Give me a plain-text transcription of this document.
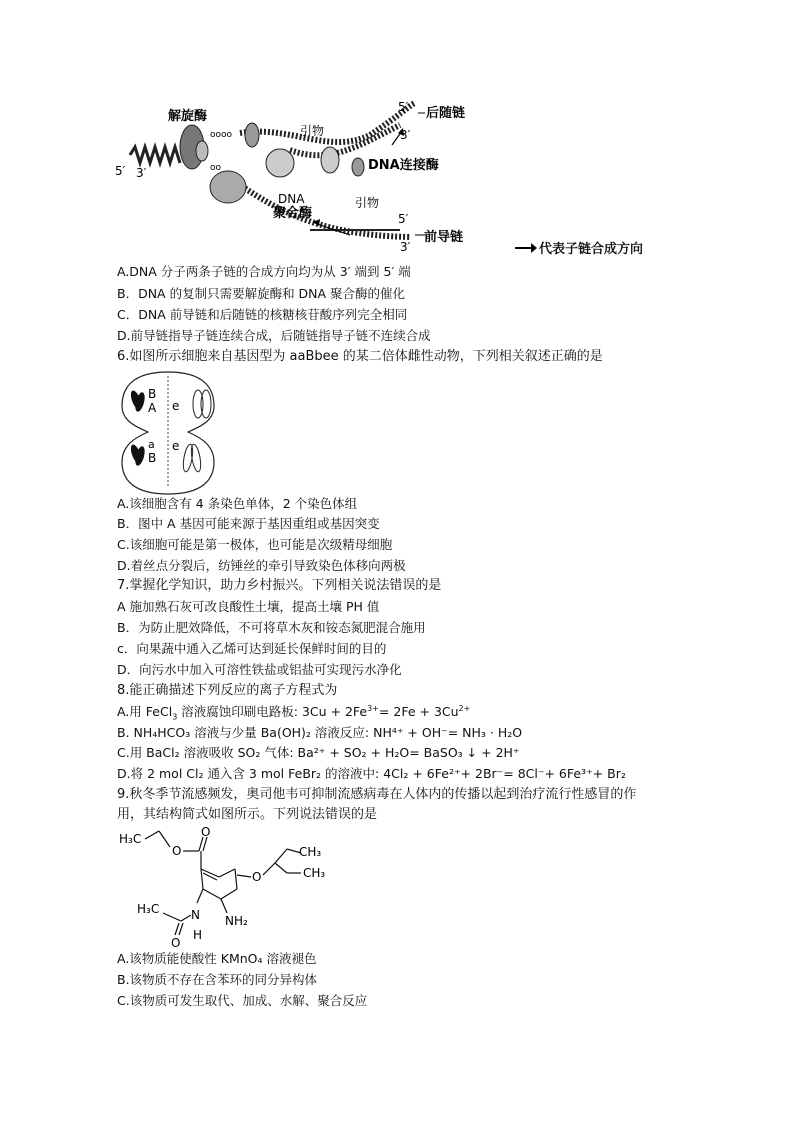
oooo
oo
解旋酶
引物
后随链
DNA连接酶
DNA
聚合酶
引物
前导链
5′ 3′
5′
3′
5′
3′	代表子链合成方向
A.DNA 分子两条子链的合成方向均为从 3′ 端到 5′ 端
B．DNA 的复制只需要解旋酶和 DNA 聚合酶的催化
C．DNA 前导链和后随链的核糖核苷酸序列完全相同
D.前导链指导子链连续合成，后随链指导子链不连续合成
6.如图所示细胞来自基因型为 aaBbee 的某二倍体雌性动物，下列相关叙述正确的是
B
A e
a
B
e
A.该细胞含有 4 条染色单体，2 个染色体组
B．图中 A 基因可能来源于基因重组或基因突变
C.该细胞可能是第一极体，也可能是次级精母细胞
D.着丝点分裂后，纺锤丝的牵引导致染色体移向两极
7.掌握化学知识，助力乡村振兴。下列相关说法错误的是
A 施加熟石灰可改良酸性土壤，提高土壤 PH 值
B．为防止肥效降低，不可将草木灰和铵态氮肥混合施用
c．向果蔬中通入乙烯可达到延长保鲜时间的目的
D．向污水中加入可溶性铁盐或铝盐可实现污水净化
8.能正确描述下列反应的离子方程式为
A.用 FeCl$_3$ 溶液腐蚀印刷电路板: $3Cu + 2Fe^{3+}= 2Fe + 3Cu^{2+}$
B. NH₄HCO₃ 溶液与少量 Ba(OH)₂ 溶液反应: NH⁴⁺ + OH⁻= NH₃ · H₂O
C.用 BaCl₂ 溶液吸收 SO₂ 气体: Ba²⁺ + SO₂ + H₂O= BaSO₃ ↓ + 2H⁺
D.将 2 mol Cl₂ 通入含 3 mol FeBr₂ 的溶液中: 4Cl₂ + 6Fe²⁺+ 2Br⁻= 8Cl⁻+ 6Fe³⁺+ Br₂
9.秋冬季节流感频发，奥司他韦可抑制流感病毒在人体内的传播以起到治疗流行性感冒的作
用，其结构简式如图所示。下列说法错误的是
H₃C
O
O
O
CH₃
CH₃
H₃C	N
H
O
NH₂
A.该物质能使酸性 KMnO₄ 溶液褪色
B.该物质不存在含苯环的同分异构体
C.该物质可发生取代、加成、水解、聚合反应
